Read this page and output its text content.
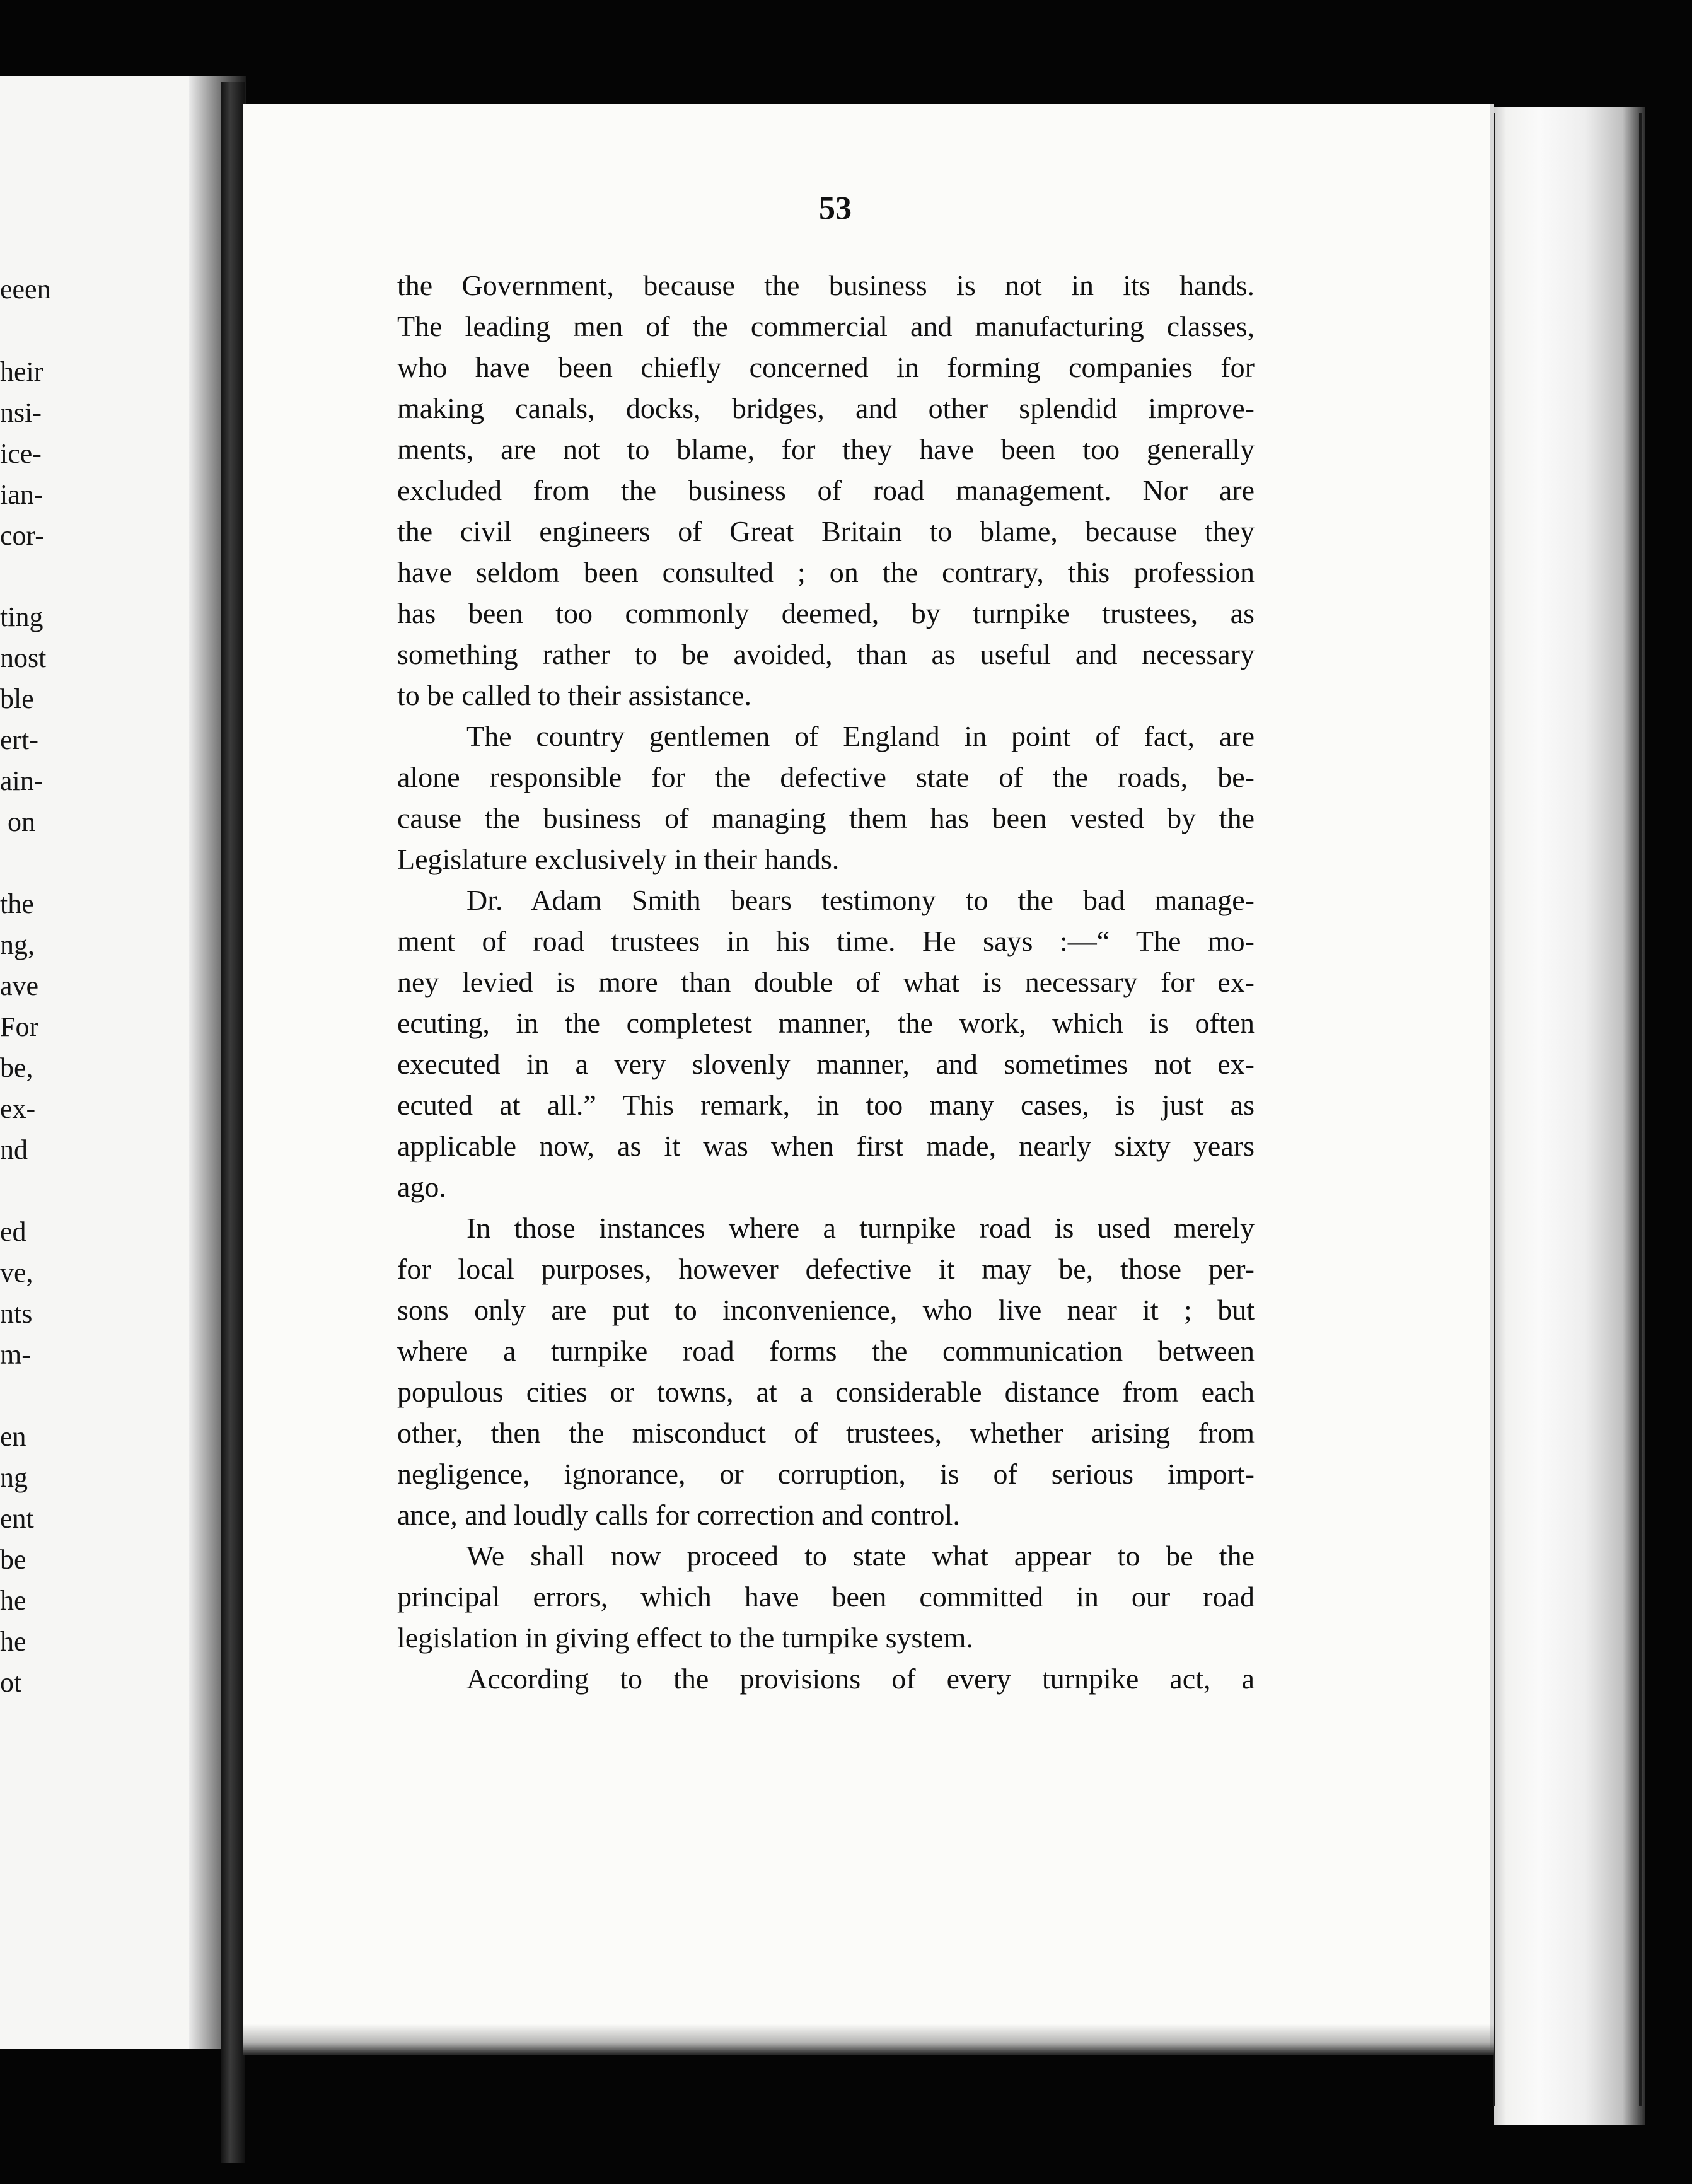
eeen
heir
nsi-
ice-
ian-
cor-
ting
nost
ble
ert-
ain-
on
the
ng,
ave
For
be,
ex-
nd
ed
ve,
nts
m-
en
ng
ent
be
he
he
ot
53
the Government, because the business is not in its hands.
The leading men of the commercial and manufacturing classes,
who have been chiefly concerned in forming companies for
making canals, docks, bridges, and other splendid improve-
ments, are not to blame, for they have been too generally
excluded from the business of road management. Nor are
the civil engineers of Great Britain to blame, because they
have seldom been consulted ; on the contrary, this profession
has been too commonly deemed, by turnpike trustees, as
something rather to be avoided, than as useful and necessary
to be called to their assistance.
The country gentlemen of England in point of fact, are
alone responsible for the defective state of the roads, be-
cause the business of managing them has been vested by the
Legislature exclusively in their hands.
Dr. Adam Smith bears testimony to the bad manage-
ment of road trustees in his time. He says :—“ The mo-
ney levied is more than double of what is necessary for ex-
ecuting, in the completest manner, the work, which is often
executed in a very slovenly manner, and sometimes not ex-
ecuted at all.” This remark, in too many cases, is just as
applicable now, as it was when first made, nearly sixty years
ago.
In those instances where a turnpike road is used merely
for local purposes, however defective it may be, those per-
sons only are put to inconvenience, who live near it ; but
where a turnpike road forms the communication between
populous cities or towns, at a considerable distance from each
other, then the misconduct of trustees, whether arising from
negligence, ignorance, or corruption, is of serious import-
ance, and loudly calls for correction and control.
We shall now proceed to state what appear to be the
principal errors, which have been committed in our road
legislation in giving effect to the turnpike system.
According to the provisions of every turnpike act, a
